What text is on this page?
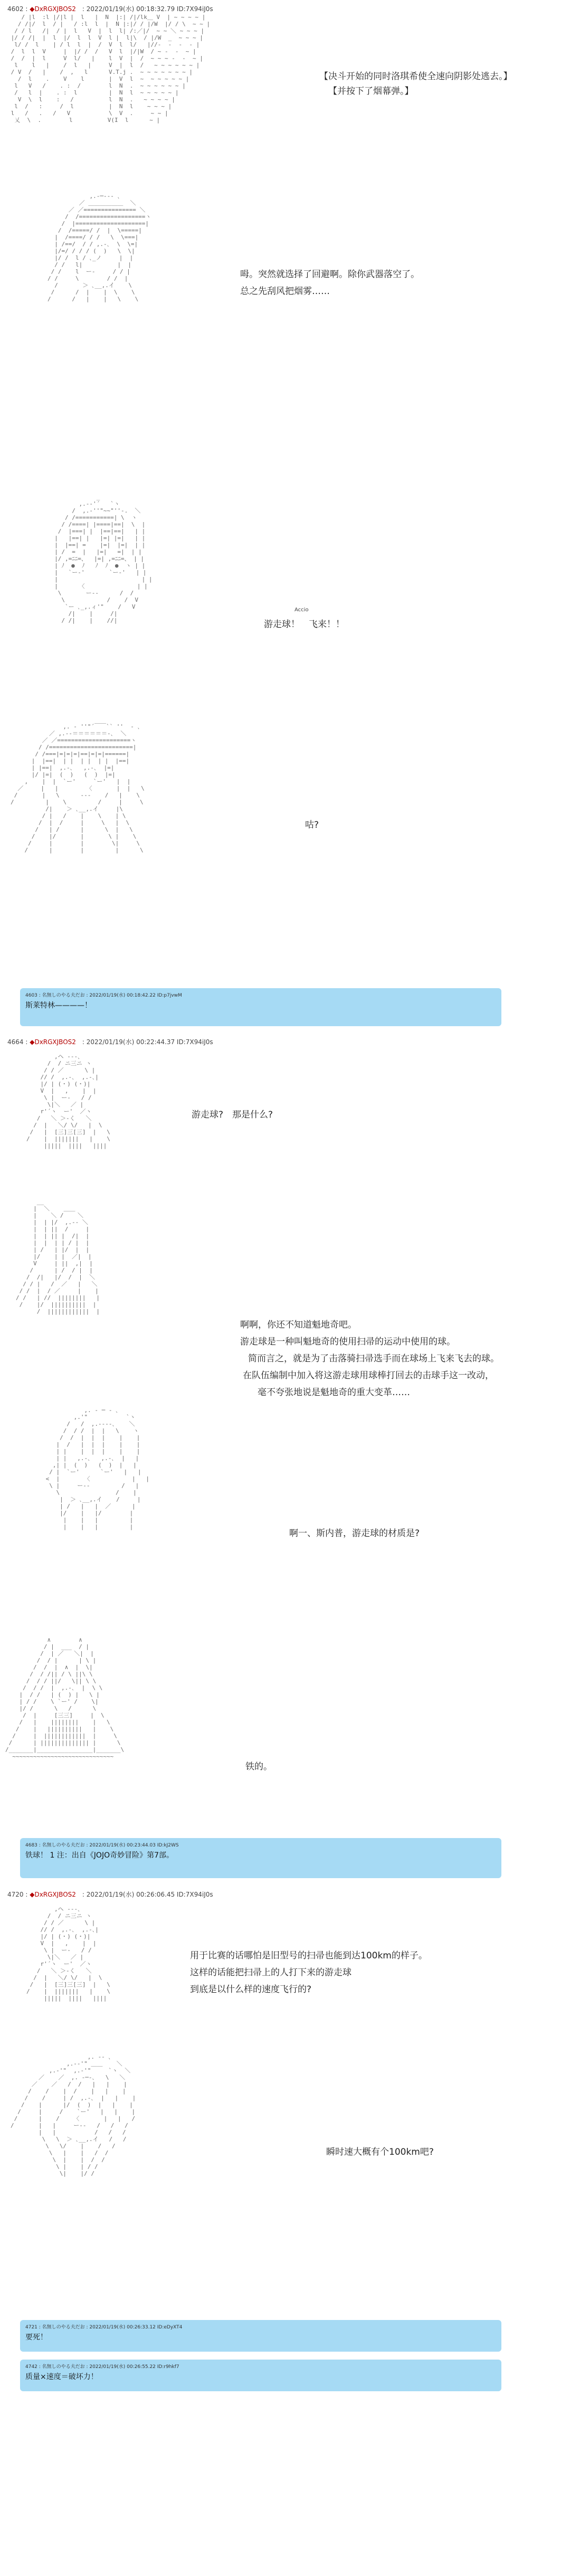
4602 : ◆DxRGXJBOS2　: 2022/01/19(水) 00:18:32.79 ID:7X94iJ0s
/ |l  :l |/|l |  l   |  N  |:| /|/lk＿ V  | ~ ~ ~ ~ |
/ /|/  l  / |   / :l  l  |  N |:|/ / |/W  |/ / \  ~ ~ |
/ / l   /|  / |  l   V  |  l  l| /:／|/  ~ ~ ＼ ~ ~ ~ |
|/ / /|  |  l  |/  l  l  V  l |  l|\  / |/W  _  ~ ~ ~ |
l/ /  l    | / l  l  |  /  V  l  l/   |//-  -  -  - |
/  l  l  V     |  |/ /  /   V  l  |/|W  / ~ -  -  ~ |
/  /  |  l     V  l/   |    l  V  |  /  ~ ~ ~ -  -  ~ |
l    l   |    /  l   |     V  |  l  /   ~ ~ ~ ~ ~ ~ |
/ V  /   |    /  ,   l      V.T.j .  ~ ~ ~ ~ ~ ~ ~ |
/  l    .    V    l       |  V  l  ~  ~ ~ ~ ~ ~ |
l   V   /    . :  /        l  N  .  ~ ~ ~ ~ ~ ~ |
/   l  |    . :  l         |  N  l  ~ ~ ~ ~ ~ |
V  \  l    :   /          l  N  .   ~ ~ ~ ~ |
l  /   :     /  l          |  N  l    ~ ~ ~ |
l   /   .   /   V           \  V  .     ~ ~ |
乂  \  .        l          V(I  l      ~ |
【决斗开始的同时洛琪希使全速向阴影处逃去。】
【并按下了烟幕弹。】
,.-─‐‐- ､
／ ＿＿＿＿＿＿  ＼
／ ／=============== ＼
/  /===================ヽ
/  |====================|
/  /=====/ /  |  \=====|
|  /====/ / /   \  \===|
| /==/  / / ,.-､  \  \=|
|/=/ / / / (  )   \  \|
|/ /  l / ､_ノ     |  |
/ /   l|          |  |
/ /    l  ー‐     / / |
/ /     \        / /  |
/       ＞ ､__,.イ    \
/      /  |    |  \    \
/      /   |    |   \    \
呣。突然就选择了回避啊。除你武器落空了。
总之先刮风把烟雾……
_
,.-‐'´   `ヽ
/  ,.-''"~~"''-.  ＼
/ /===========| \  ヽ
/ /====| |====|==|  \  |
/  |===| |  |==|==|   | |
|   |==| |   |=| |=|   | |
|  |==| =    |=|  |=|  | |
| /  =  |   |=|   =|  | |
|/ ,=ﾆﾆ=、  |=| ,=ﾆﾆ=、 | |
| ﾉ  ●  ﾉ   ﾉ  ﾉ  ●  ヽ | |
|   `ー‐'       `ー‐'   | |
|                        | |
|      〈               | |
\       ー‐-      /  /
\            /    /  V
`ー ､_,.ィ'"    /   V
/|    |     /|
/ /|    |    //|
Accio
游走球！　飞来！！
,. - ''"´￣￣`` ''  - ､
／ ,.-‐＝＝＝＝＝＝-､  ＼
／ ／=====================ヽ
/ /========================|
/ /===|=|=|=|==|=|=|======|
|  |==|  | |  | |  | |  |==|
| |==|  ,.-､   ,.-､  |=|
|/ |=|  (  )   (  )  |=|
,    |  |  `ー'     `ー'   |  |
／     |   |        〈       |  |   \
/       |   \      -‐-    /   |    \
/         |    \         /     |     \
/|    ＞ ､__,.イ     |\
/ |   /    |    \    | \
/  |  /     |     \   |  \
/   | /      |      \  |   \
/    |/       |       \ |    \
/     |        |        \|     \
/      |        |         |      \
咕?
4603 : 名無しのやる夫だお : 2022/01/19(水) 00:18:42.22 ID:p7jvwM
斯莱特林————！
4664 : ◆DxRGXJBOS2　: 2022/01/19(水) 00:22:44.37 ID:7X94iJ0s
,ヘ -‐-､
/  / ニ三ニ ヽ
/ / ／      \ |
// /  ,.-､  ,.-､|
|/ | (・) (・)|
V  |   ,    |  |
\ |  ー‐   / /
\|＼   ／ |
r'´ヽ  ー'  ／ヽ
/   ＼ ＞‐く   ＼
/  |   ＼/ \/   |  \
/   |  [三]三[三]  |   \
/    |  |||||||   |    \
|||||  ||||   ||||
游走球?　那是什么?
__
|  ＼    ＿＿
|    ＼ /    ＼
|  | |/  ,.-- ＼
|  | ||  /     |
|  | || |  /|  |
|  |  | | / |  |
| /   | |/  |  |
|/    | |  ／|  |
V     | ||  ,|  |
/      | /  / |  |
/  /|   |/  /  |  ＼
/ / |   /  ／   |   ＼
/ /  |  / ／     |    |
/ /   | //  ||||||||   |
/    |/  ||||||||||  |
/  ||||||||||||  |
啊啊，你还不知道魁地奇吧。
游走球是一种叫魁地奇的使用扫帚的运动中使用的球。
简而言之，就是为了击落骑扫帚选手而在球场上飞来飞去的球。
在队伍编制中加入将这游走球用球棒打回去的击球手这一改动，
毫不夸张地说是魁地奇的重大变革……
,. - ─ - ､
,.'"           `ヽ
/   /  ,.-‐‐-､    ＼
/  / /  |  |   \    ヽ
/  /  |  |  |    |    |
|  /   |  |  |    |    |
| |    |  |  |    |    |
| |   ,.-､   ,.-､  |   |
,| |  (  )   (  )  |   |
/ |  `ー'      `ー'   |   |
<  |       〈            |   |
\ |     ー‐‐         /   |
\                /    |
|  ＞ ､__,.イ    /     |
| /   |   |  ／      |
|/    |   |/        |
|    |   |         |
|    |   |         |
啊一、斯内普，游走球的材质是?
∧        ∧
/ |  ___  / |
/  | ／   ＼|  |
/  / |      | \ |
/  /  |  ∧  |  \|
/  / /|| / \ ||\ \
/  / / ||/   \|| \ \
/  / /  |  ,.-､  |  \ \
|  / /   | (  ) |   \ |
| / /    \ `ー' /    \|
|/ /      \   /      \
/  |     [三三]     |  \
/   |    ||||||||    |   \
/    |   ||||||||||   |    \
/     |  ||||||||||||  |     \
/      | |||||||||||||| |      \
/_______|________________|_______\
~~~~~~~~~~~~~~~~~~~~~~~~~~~~~
铁的。
4683 : 名無しのやる夫だお : 2022/01/19(水) 00:23:44.03 ID:kJ2WS
铁球！ 1 注：出自《JOJO奇妙冒险》第7部。
4720 : ◆DxRGXJBOS2　: 2022/01/19(水) 00:26:06.45 ID:7X94iJ0s
,ヘ -‐-､
/  / ニ三ニ ヽ
/ / ／      \ |
// /  ,.-､  ,.-､|
|/ | (・) (・)|
V  |   ,    |  |
\ |  ー‐   / /
\|＼   ／ |
r'´ヽ  ー'  ／ヽ
/   ＼ ＞‐く   ＼
/  |   ＼/ \/   |  \
/   |  [三]三[三]  |   \
/    |  |||||||   |    \
|||||  ||||   ||||
用于比赛的话哪怕是旧型号的扫帚也能到达100km的样子。
这样的话能把扫帚上的人打下来的游走球
到底是以什么样的速度飞行的?
,. -‐ ､
,.-‐'" ＿＿    ＼
,.-'"  ,.-'"     `ヽ  ＼
／    ／  ,. -─-､   \   ＼
／    ／   /  /   |   |    |
/    /    |  /    |   |    |
/    /     | /  ,.-､  |   |    |
/    |      |/  (  )  |   |    |
/     |     /    `ー'   |   |    |
/      |    /    〈       |   |   /
/       |   |     ー‐-   /   /   /
|   |           /   /   /
\   \  ＞ ､__,.イ   /   /
\   \/    |    /   /
\   |    |   /  /
\  |    |  /  /
\ |    | / /
\|    |/ /
瞬时速大概有个100km吧?
4721 : 名無しのやる夫だお : 2022/01/19(水) 00:26:33.12 ID:eDyXT4
要死！
4742 : 名無しのやる夫だお : 2022/01/19(水) 00:26:55.22 ID:r9hkf7
质量×速度＝破坏力！
